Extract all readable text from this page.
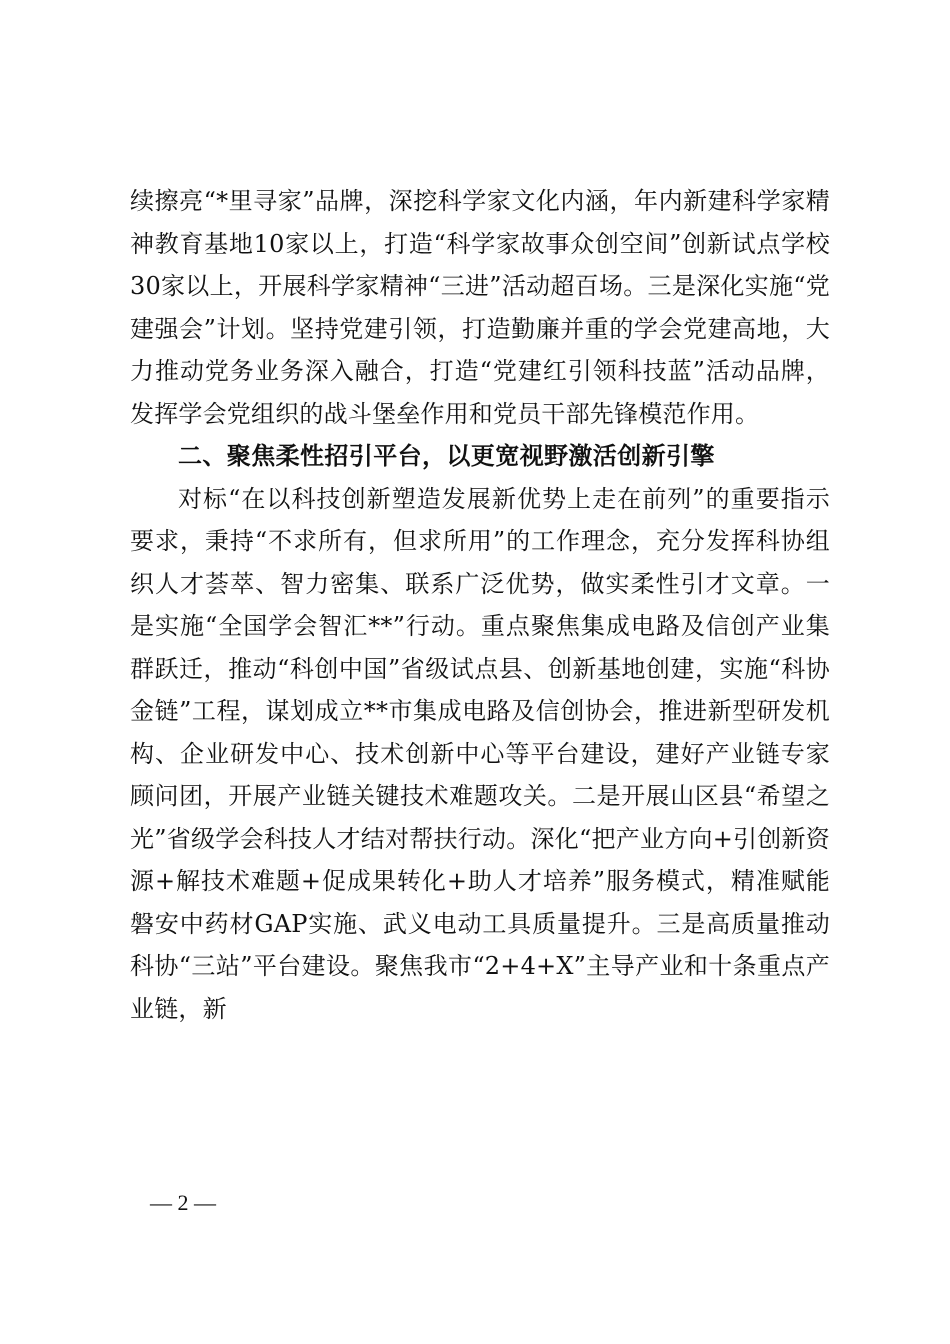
续擦亮“*里寻家”品牌，深挖科学家文化内涵，年内新建科学家精神教育基地10家以上，打造“科学家故事众创空间”创新试点学校30家以上，开展科学家精神“三进”活动超百场。三是深化实施“党建强会”计划。坚持党建引领，打造勤廉并重的学会党建高地，大力推动党务业务深入融合，打造“党建红引领科技蓝”活动品牌，发挥学会党组织的战斗堡垒作用和党员干部先锋模范作用。

二、聚焦柔性招引平台，以更宽视野激活创新引擎

对标“在以科技创新塑造发展新优势上走在前列”的重要指示要求，秉持“不求所有，但求所用”的工作理念，充分发挥科协组织人才荟萃、智力密集、联系广泛优势，做实柔性引才文章。一是实施“全国学会智汇**”行动。重点聚焦集成电路及信创产业集群跃迁，推动“科创中国”省级试点县、创新基地创建，实施“科协金链”工程，谋划成立**市集成电路及信创协会，推进新型研发机构、企业研发中心、技术创新中心等平台建设，建好产业链专家顾问团，开展产业链关键技术难题攻关。二是开展山区县“希望之光”省级学会科技人才结对帮扶行动。深化“把产业方向+引创新资源+解技术难题+促成果转化+助人才培养”服务模式，精准赋能磐安中药材GAP实施、武义电动工具质量提升。三是高质量推动科协“三站”平台建设。聚焦我市“2+4+X”主导产业和十条重点产业链，新

— 2 —
